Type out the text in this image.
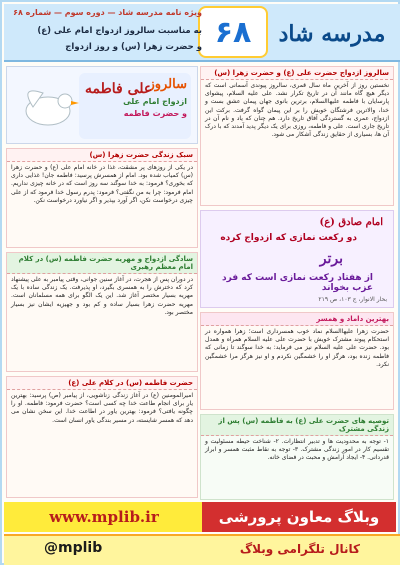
مدرسه شاد
۶۸
ویژه نامه مدرسه شاد — دوره سوم — شماره ۶۸
به مناسبت سالروز ازدواج امام علی (ع)
و حضرت زهرا (س) و روز ازدواج
سالروز
ازدواج امام علی
و حضرت فاطمه
علی فاطمه
سالروز ازدواج حضرت علی (ع) و حضرت زهرا (س)
نخستین روز از آخرین ماه سال قمری، سالروز پیوندی آسمانی است که دیگر هیچ گاه مانند آن در تاریخ تکرار نشد. علی علیه السلام، پیشوای پارسایان با فاطمه علیهاالسلام، برترین بانوی جهان پیمان عشق بست و خدا، والاترین فرشتگان خویش را بر این پیمان گواه گرفت. برکت این ازدواج، عمری به گستردگی آفاق تاریخ دارد. هم چنان که یاد و نام آن در تاریخ جاری است. علی و فاطمه، روزی برای یک دیگر پدید آمدند که با درک آن ها، بسیاری از حقایق زندگی آشکار می شود.
سبک زندگی حضرت زهرا (س)
در یکی از روزهای پر مشقت، غذا در خانه امام علی (ع) و حضرت زهرا (س) کمیاب شده بود. امام از همسرش پرسید: فاطمه جان! غذایی داری که بخوری؟ فرمود: به خدا سوگند سه روز است که در خانه چیزی نداریم. امام فرمود: چرا به من نگفتی؟ فرمود: پدرم رسول خدا فرمود که از علی چیزی درخواست نکن، اگر آورد بپذیر و اگر نیاورد درخواست نکن.
امام صادق (ع)
دو رکعت نمازی که ازدواج کرده
برتر
از هفتاد رکعت نمازی است که فرد عزب بخواند
بحار الانوار، ج ۱۰۳، ص ۲۱۹
سادگی ازدواج و مهریه حضرت فاطمه (س) در کلام امام معظم رهبری
در دوران پس از هجرت، در آغاز سنین جوانی، وقتی پیامبر به علی پیشنهاد کرد که دخترش را به همسری بگیرد، او پذیرفت. یک زندگی ساده با یک مهریه بسیار مختصر آغاز شد. این یک الگو برای همه مسلمانان است. مهریه حضرت زهرا بسیار ساده و کم بود و جهیزیه ایشان نیز بسیار مختصر بود.
بهترین داماد و همسر
حضرت زهرا علیهاالسلام نماد خوب همسرداری است؛ زهرا همواره در استحکام پیوند مشترک خویش با حضرت علی علیه السلام همراه و همدل بود. حضرت علی علیه السلام نیز می فرماید: به خدا سوگند تا زمانی که فاطمه زنده بود، هرگز او را خشمگین نکردم و او نیز هرگز مرا خشمگین نکرد.
حضرت فاطمه (س) در کلام علی (ع)
امیرالمومنین (ع) در آغاز زندگی زناشویی، از پیامبر (ص) پرسید: بهترین یار برای انجام طاعت خدا چه کسی است؟ حضرت فرمود: فاطمه. او را چگونه یافتی؟ فرمود: بهترین یاور در اطاعت خدا. این سخن نشان می دهد که همسر شایسته، در مسیر بندگی یاور انسان است.	توصیه های حضرت علی (ع) به فاطمه (س) پس از زندگی مشترک
۱- توجه به محدودیت ها و تدبیر انتظارات. ۲- شناخت حیطه مسئولیت و تقسیم کار در امور زندگی مشترک. ۳- توجه به نقاط مثبت همسر و ابراز قدردانی. ۴- ایجاد آرامش و محبت در فضای خانه.
www.mplib.ir	وبلاگ معاون پرورشی
@mplib	کانال تلگرامی وبلاگ
